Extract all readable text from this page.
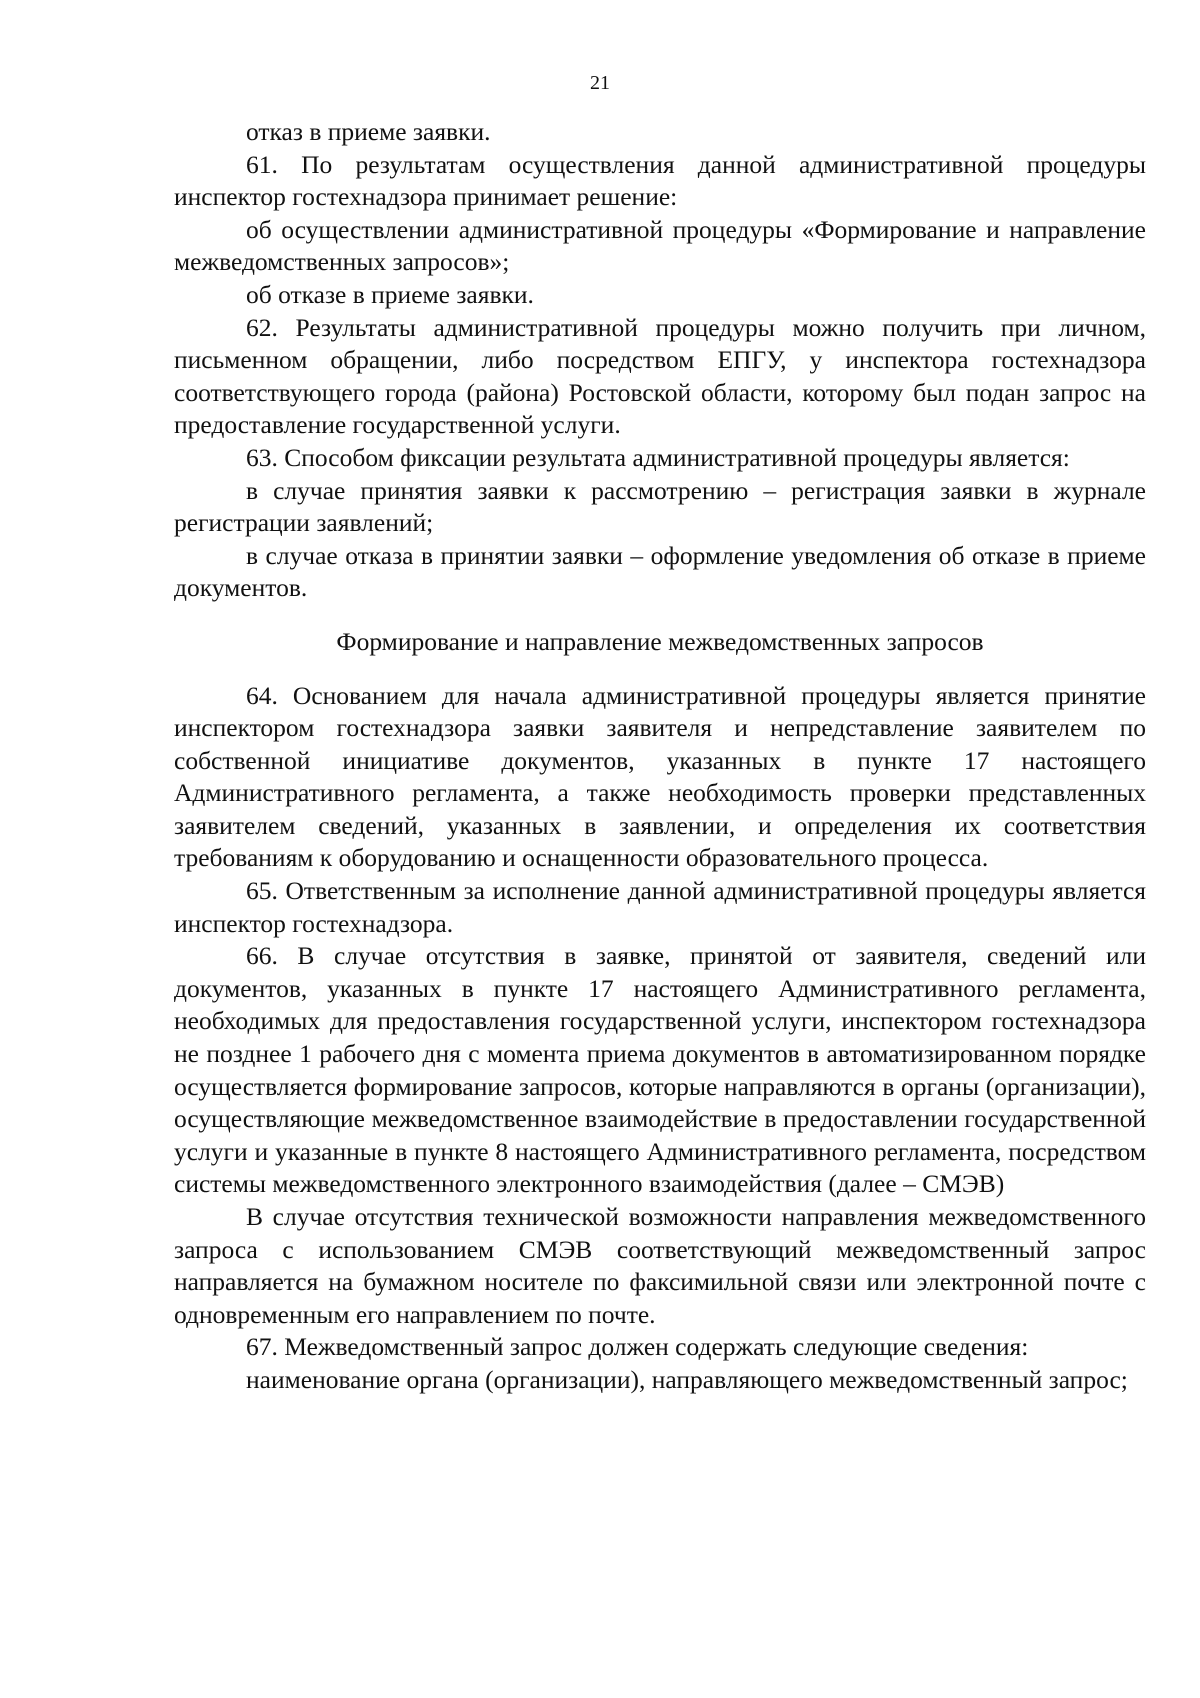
21

отказ в приеме заявки.

61. По результатам осуществления данной административной процедуры инспектор гостехнадзора принимает решение:

об осуществлении административной процедуры «Формирование и направление межведомственных запросов»;

об отказе в приеме заявки.

62. Результаты административной процедуры можно получить при личном, письменном обращении, либо посредством ЕПГУ, у инспектора гостехнадзора соответствующего города (района) Ростовской области, которому был подан запрос на предоставление государственной услуги.

63. Способом фиксации результата административной процедуры является:

в случае принятия заявки к рассмотрению – регистрация заявки в журнале регистрации заявлений;

в случае отказа в принятии заявки – оформление уведомления об отказе в приеме документов.

Формирование и направление межведомственных запросов

64. Основанием для начала административной процедуры является принятие инспектором гостехнадзора заявки заявителя и непредставление заявителем по собственной инициативе документов, указанных в пункте 17 настоящего Административного регламента, а также необходимость проверки представленных заявителем сведений, указанных в заявлении, и определения их соответствия требованиям к оборудованию и оснащенности образовательного процесса.

65. Ответственным за исполнение данной административной процедуры является инспектор гостехнадзора.

66. В случае отсутствия в заявке, принятой от заявителя, сведений или документов, указанных в пункте 17 настоящего Административного регламента, необходимых для предоставления государственной услуги, инспектором гостехнадзора не позднее 1 рабочего дня с момента приема документов в автоматизированном порядке осуществляется формирование запросов, которые направляются в органы (организации), осуществляющие межведомственное взаимодействие в предоставлении государственной услуги и указанные в пункте 8 настоящего Административного регламента, посредством системы межведомственного электронного взаимодействия (далее – СМЭВ)

В случае отсутствия технической возможности направления межведомственного запроса с использованием СМЭВ соответствующий межведомственный запрос направляется на бумажном носителе по факсимильной связи или электронной почте с одновременным его направлением по почте.

67. Межведомственный запрос должен содержать следующие сведения:

наименование органа (организации), направляющего межведомственный запрос;
